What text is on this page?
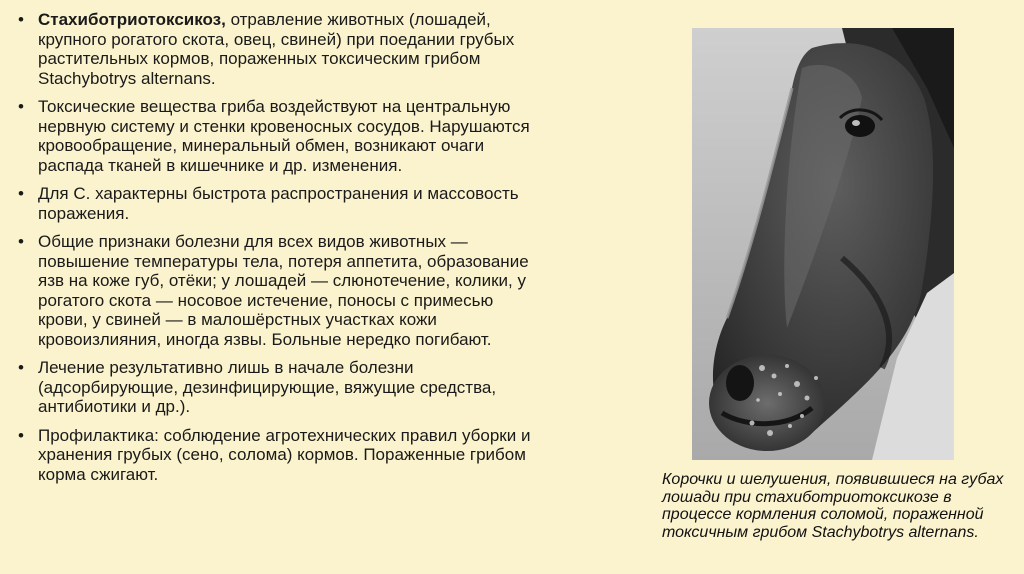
• Стахиботриотоксикоз, отравление животных (лошадей, крупного рогатого скота, овец, свиней) при поедании грубых растительных кормов, пораженных токсическим грибом Stachybotrys alternans.
• Токсические вещества гриба воздействуют на центральную нервную систему и стенки кровеносных сосудов. Нарушаются кровообращение, минеральный обмен, возникают очаги распада тканей в кишечнике и др. изменения.
• Для С. характерны быстрота распространения и массовость поражения.
• Общие признаки болезни для всех видов животных — повышение температуры тела, потеря аппетита, образование язв на коже губ, отёки; у лошадей — слюнотечение, колики, у рогатого скота — носовое истечение, поносы с примесью крови, у свиней — в малошёрстных участках кожи кровоизлияния, иногда язвы. Больные нередко погибают.
• Лечение результативно лишь в начале болезни (адсорбирующие, дезинфицирующие, вяжущие средства, антибиотики и др.).
• Профилактика: соблюдение агротехнических правил уборки и хранения грубых (сено, солома) кормов. Пораженные грибом корма сжигают.	Корочки и шелушения, появившиеся на губах лошади при стахиботриотоксикозе в процессе кормления соломой, пораженной токсичным грибом Stachybotrys alternans.
